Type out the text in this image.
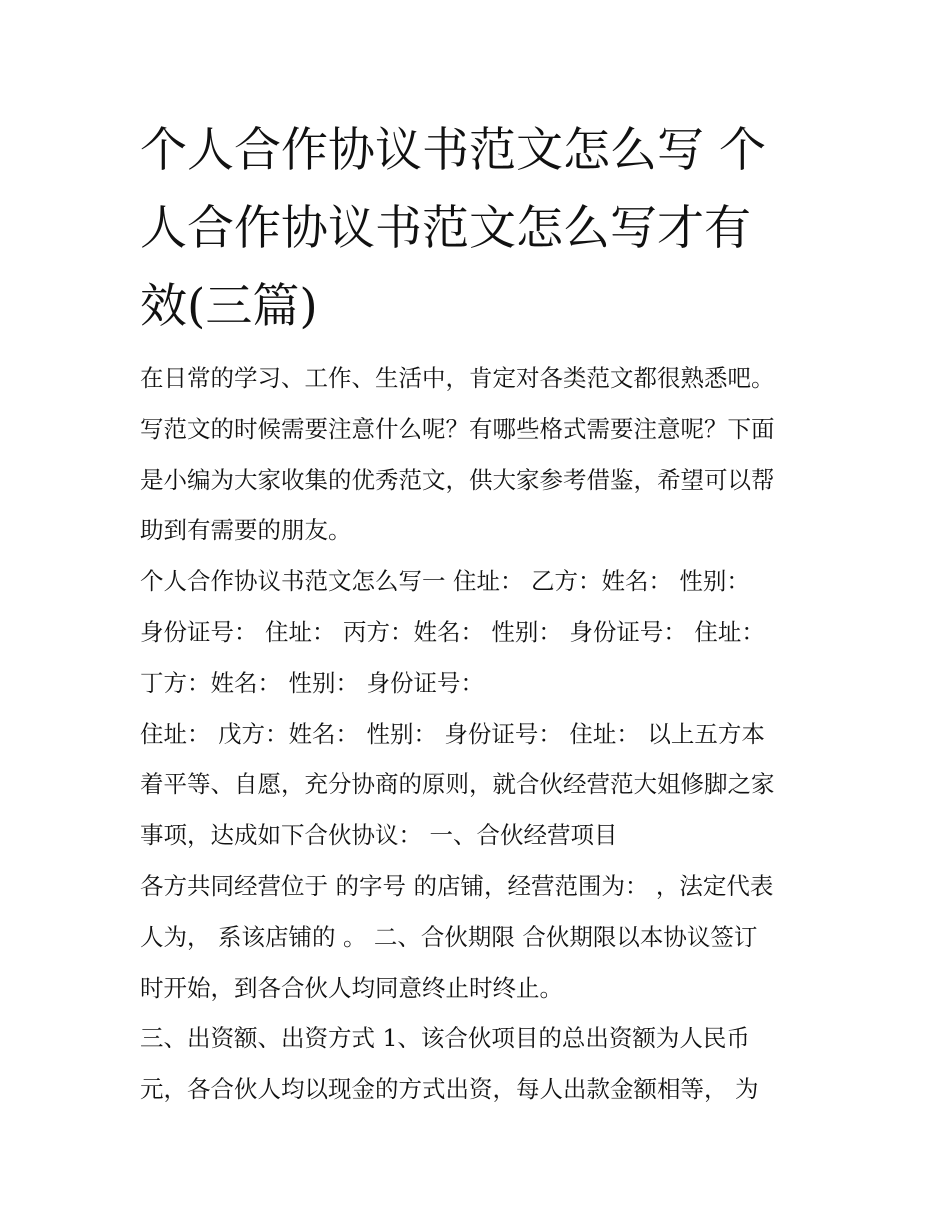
个人合作协议书范文怎么写 个
人合作协议书范文怎么写才有
效(三篇)
在日常的学习、工作、生活中，肯定对各类范文都很熟悉吧。
写范文的时候需要注意什么呢？有哪些格式需要注意呢？下面
是小编为大家收集的优秀范文，供大家参考借鉴，希望可以帮
助到有需要的朋友。
个人合作协议书范文怎么写一 住址： 乙方：姓名： 性别：
身份证号： 住址： 丙方：姓名： 性别： 身份证号： 住址：
丁方：姓名： 性别： 身份证号：
住址： 戊方：姓名： 性别： 身份证号： 住址： 以上五方本
着平等、自愿，充分协商的原则，就合伙经营范大姐修脚之家
事项，达成如下合伙协议： 一、合伙经营项目
各方共同经营位于 的字号 的店铺，经营范围为： ，法定代表
人为， 系该店铺的 。 二、合伙期限 合伙期限以本协议签订
时开始，到各合伙人均同意终止时终止。
三、出资额、出资方式 1、该合伙项目的总出资额为人民币
元，各合伙人均以现金的方式出资，每人出款金额相等， 为
